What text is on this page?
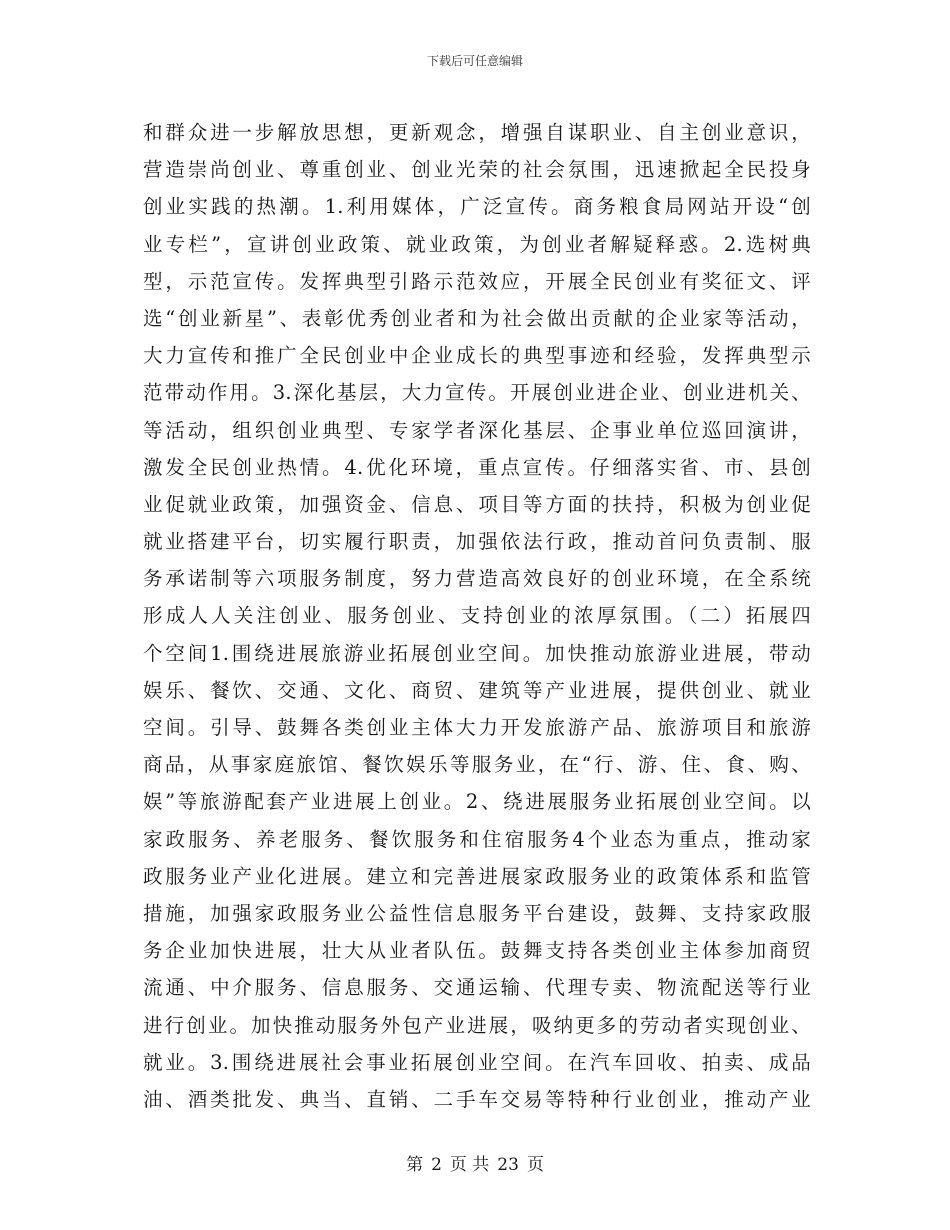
下载后可任意编辑
和群众进一步解放思想，更新观念，增强自谋职业、自主创业意识，
营造崇尚创业、尊重创业、创业光荣的社会氛围，迅速掀起全民投身
创业实践的热潮。1.利用媒体，广泛宣传。商务粮食局网站开设“创
业专栏”，宣讲创业政策、就业政策，为创业者解疑释惑。2.选树典
型，示范宣传。发挥典型引路示范效应，开展全民创业有奖征文、评
选“创业新星”、表彰优秀创业者和为社会做出贡献的企业家等活动，
大力宣传和推广全民创业中企业成长的典型事迹和经验，发挥典型示
范带动作用。3.深化基层，大力宣传。开展创业进企业、创业进机关、
等活动，组织创业典型、专家学者深化基层、企事业单位巡回演讲，
激发全民创业热情。4.优化环境，重点宣传。仔细落实省、市、县创
业促就业政策，加强资金、信息、项目等方面的扶持，积极为创业促
就业搭建平台，切实履行职责，加强依法行政，推动首问负责制、服
务承诺制等六项服务制度，努力营造高效良好的创业环境，在全系统
形成人人关注创业、服务创业、支持创业的浓厚氛围。（二）拓展四
个空间1.围绕进展旅游业拓展创业空间。加快推动旅游业进展，带动
娱乐、餐饮、交通、文化、商贸、建筑等产业进展，提供创业、就业
空间。引导、鼓舞各类创业主体大力开发旅游产品、旅游项目和旅游
商品，从事家庭旅馆、餐饮娱乐等服务业，在“行、游、住、食、购、
娱”等旅游配套产业进展上创业。2、绕进展服务业拓展创业空间。以
家政服务、养老服务、餐饮服务和住宿服务4个业态为重点，推动家
政服务业产业化进展。建立和完善进展家政服务业的政策体系和监管
措施，加强家政服务业公益性信息服务平台建设，鼓舞、支持家政服
务企业加快进展，壮大从业者队伍。鼓舞支持各类创业主体参加商贸
流通、中介服务、信息服务、交通运输、代理专卖、物流配送等行业
进行创业。加快推动服务外包产业进展，吸纳更多的劳动者实现创业、
就业。3.围绕进展社会事业拓展创业空间。在汽车回收、拍卖、成品
油、酒类批发、典当、直销、二手车交易等特种行业创业，推动产业
第 2 页 共 23 页
